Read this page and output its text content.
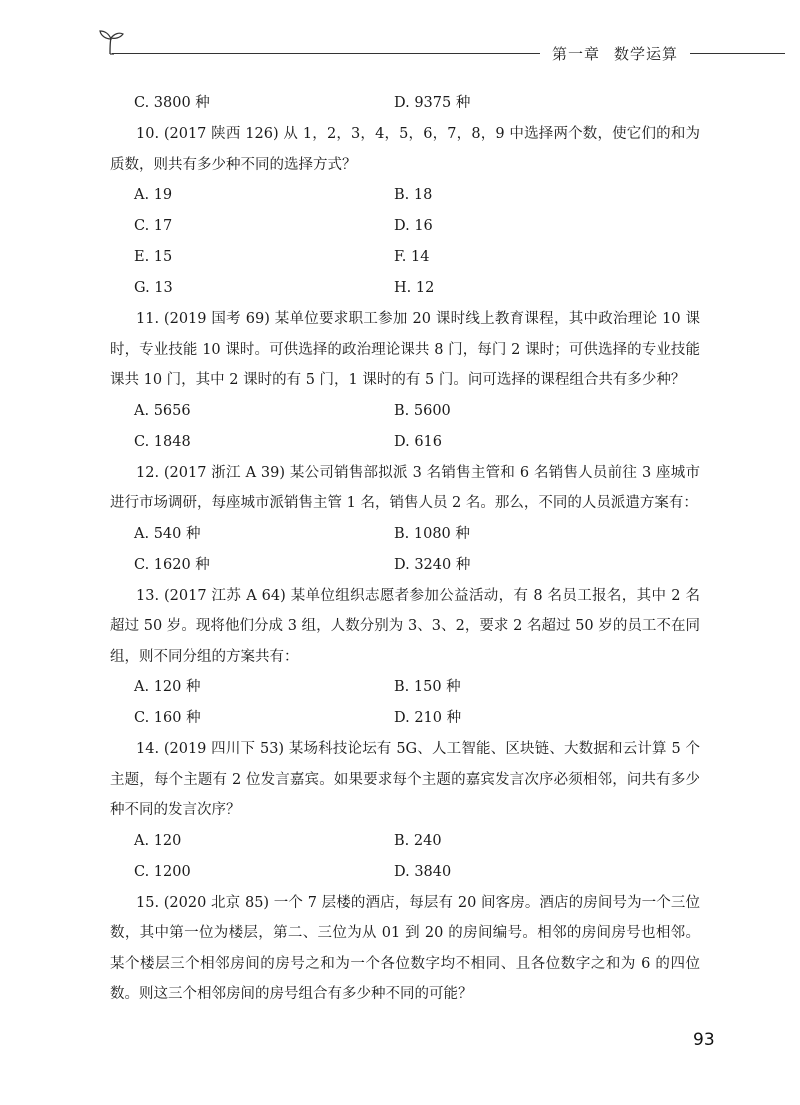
第一章 数学运算
C. 3800 种	D. 9375 种

10. (2017 陕西 126) 从 1，2，3，4，5，6，7，8，9 中选择两个数，使它们的和为质数，则共有多少种不同的选择方式？

A. 19	B. 18
C. 17	D. 16
E. 15	F. 14
G. 13	H. 12

11. (2019 国考 69) 某单位要求职工参加 20 课时线上教育课程，其中政治理论 10 课时，专业技能 10 课时。可供选择的政治理论课共 8 门，每门 2 课时；可供选择的专业技能课共 10 门，其中 2 课时的有 5 门，1 课时的有 5 门。问可选择的课程组合共有多少种？

A. 5656	B. 5600
C. 1848	D. 616

12. (2017 浙江 A 39) 某公司销售部拟派 3 名销售主管和 6 名销售人员前往 3 座城市进行市场调研，每座城市派销售主管 1 名，销售人员 2 名。那么，不同的人员派遣方案有：

A. 540 种	B. 1080 种
C. 1620 种	D. 3240 种

13. (2017 江苏 A 64) 某单位组织志愿者参加公益活动，有 8 名员工报名，其中 2 名超过 50 岁。现将他们分成 3 组，人数分别为 3、3、2，要求 2 名超过 50 岁的员工不在同组，则不同分组的方案共有：

A. 120 种	B. 150 种
C. 160 种	D. 210 种

14. (2019 四川下 53) 某场科技论坛有 5G、人工智能、区块链、大数据和云计算 5 个主题，每个主题有 2 位发言嘉宾。如果要求每个主题的嘉宾发言次序必须相邻，问共有多少种不同的发言次序？

A. 120	B. 240
C. 1200	D. 3840

15. (2020 北京 85) 一个 7 层楼的酒店，每层有 20 间客房。酒店的房间号为一个三位数，其中第一位为楼层，第二、三位为从 01 到 20 的房间编号。相邻的房间房号也相邻。某个楼层三个相邻房间的房号之和为一个各位数字均不相同、且各位数字之和为 6 的四位数。则这三个相邻房间的房号组合有多少种不同的可能？

93
